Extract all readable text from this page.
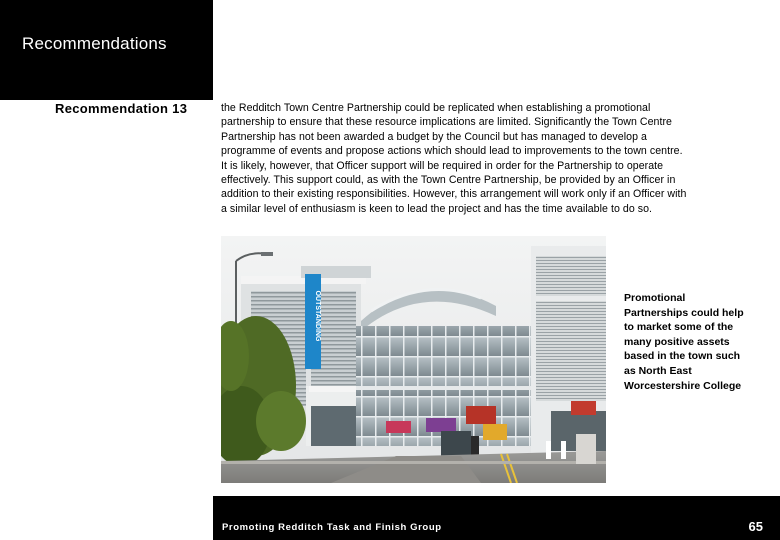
Recommendations
Recommendation 13	the Redditch Town Centre Partnership could be replicated when establishing a promotional
partnership to ensure that these resource implications are limited. Significantly the Town Centre
Partnership has not been awarded a budget by the Council but has managed to develop a
programme of events and propose actions which should lead to improvements to the town centre.
It is likely, however, that Officer support will be required in order for the Partnership to operate
effectively. This support could, as with the Town Centre Partnership, be provided by an Officer in
addition to their existing responsibilities. However, this arrangement will work only if an Officer with
a similar level of enthusiasm is keen to lead the project and has the time available to do so.

OUTSTANDING	Promotional
Partnerships could help
to market some of the
many positive assets
based in the town such
as North East
Worcestershire College
Promoting Redditch Task and Finish Group	65
